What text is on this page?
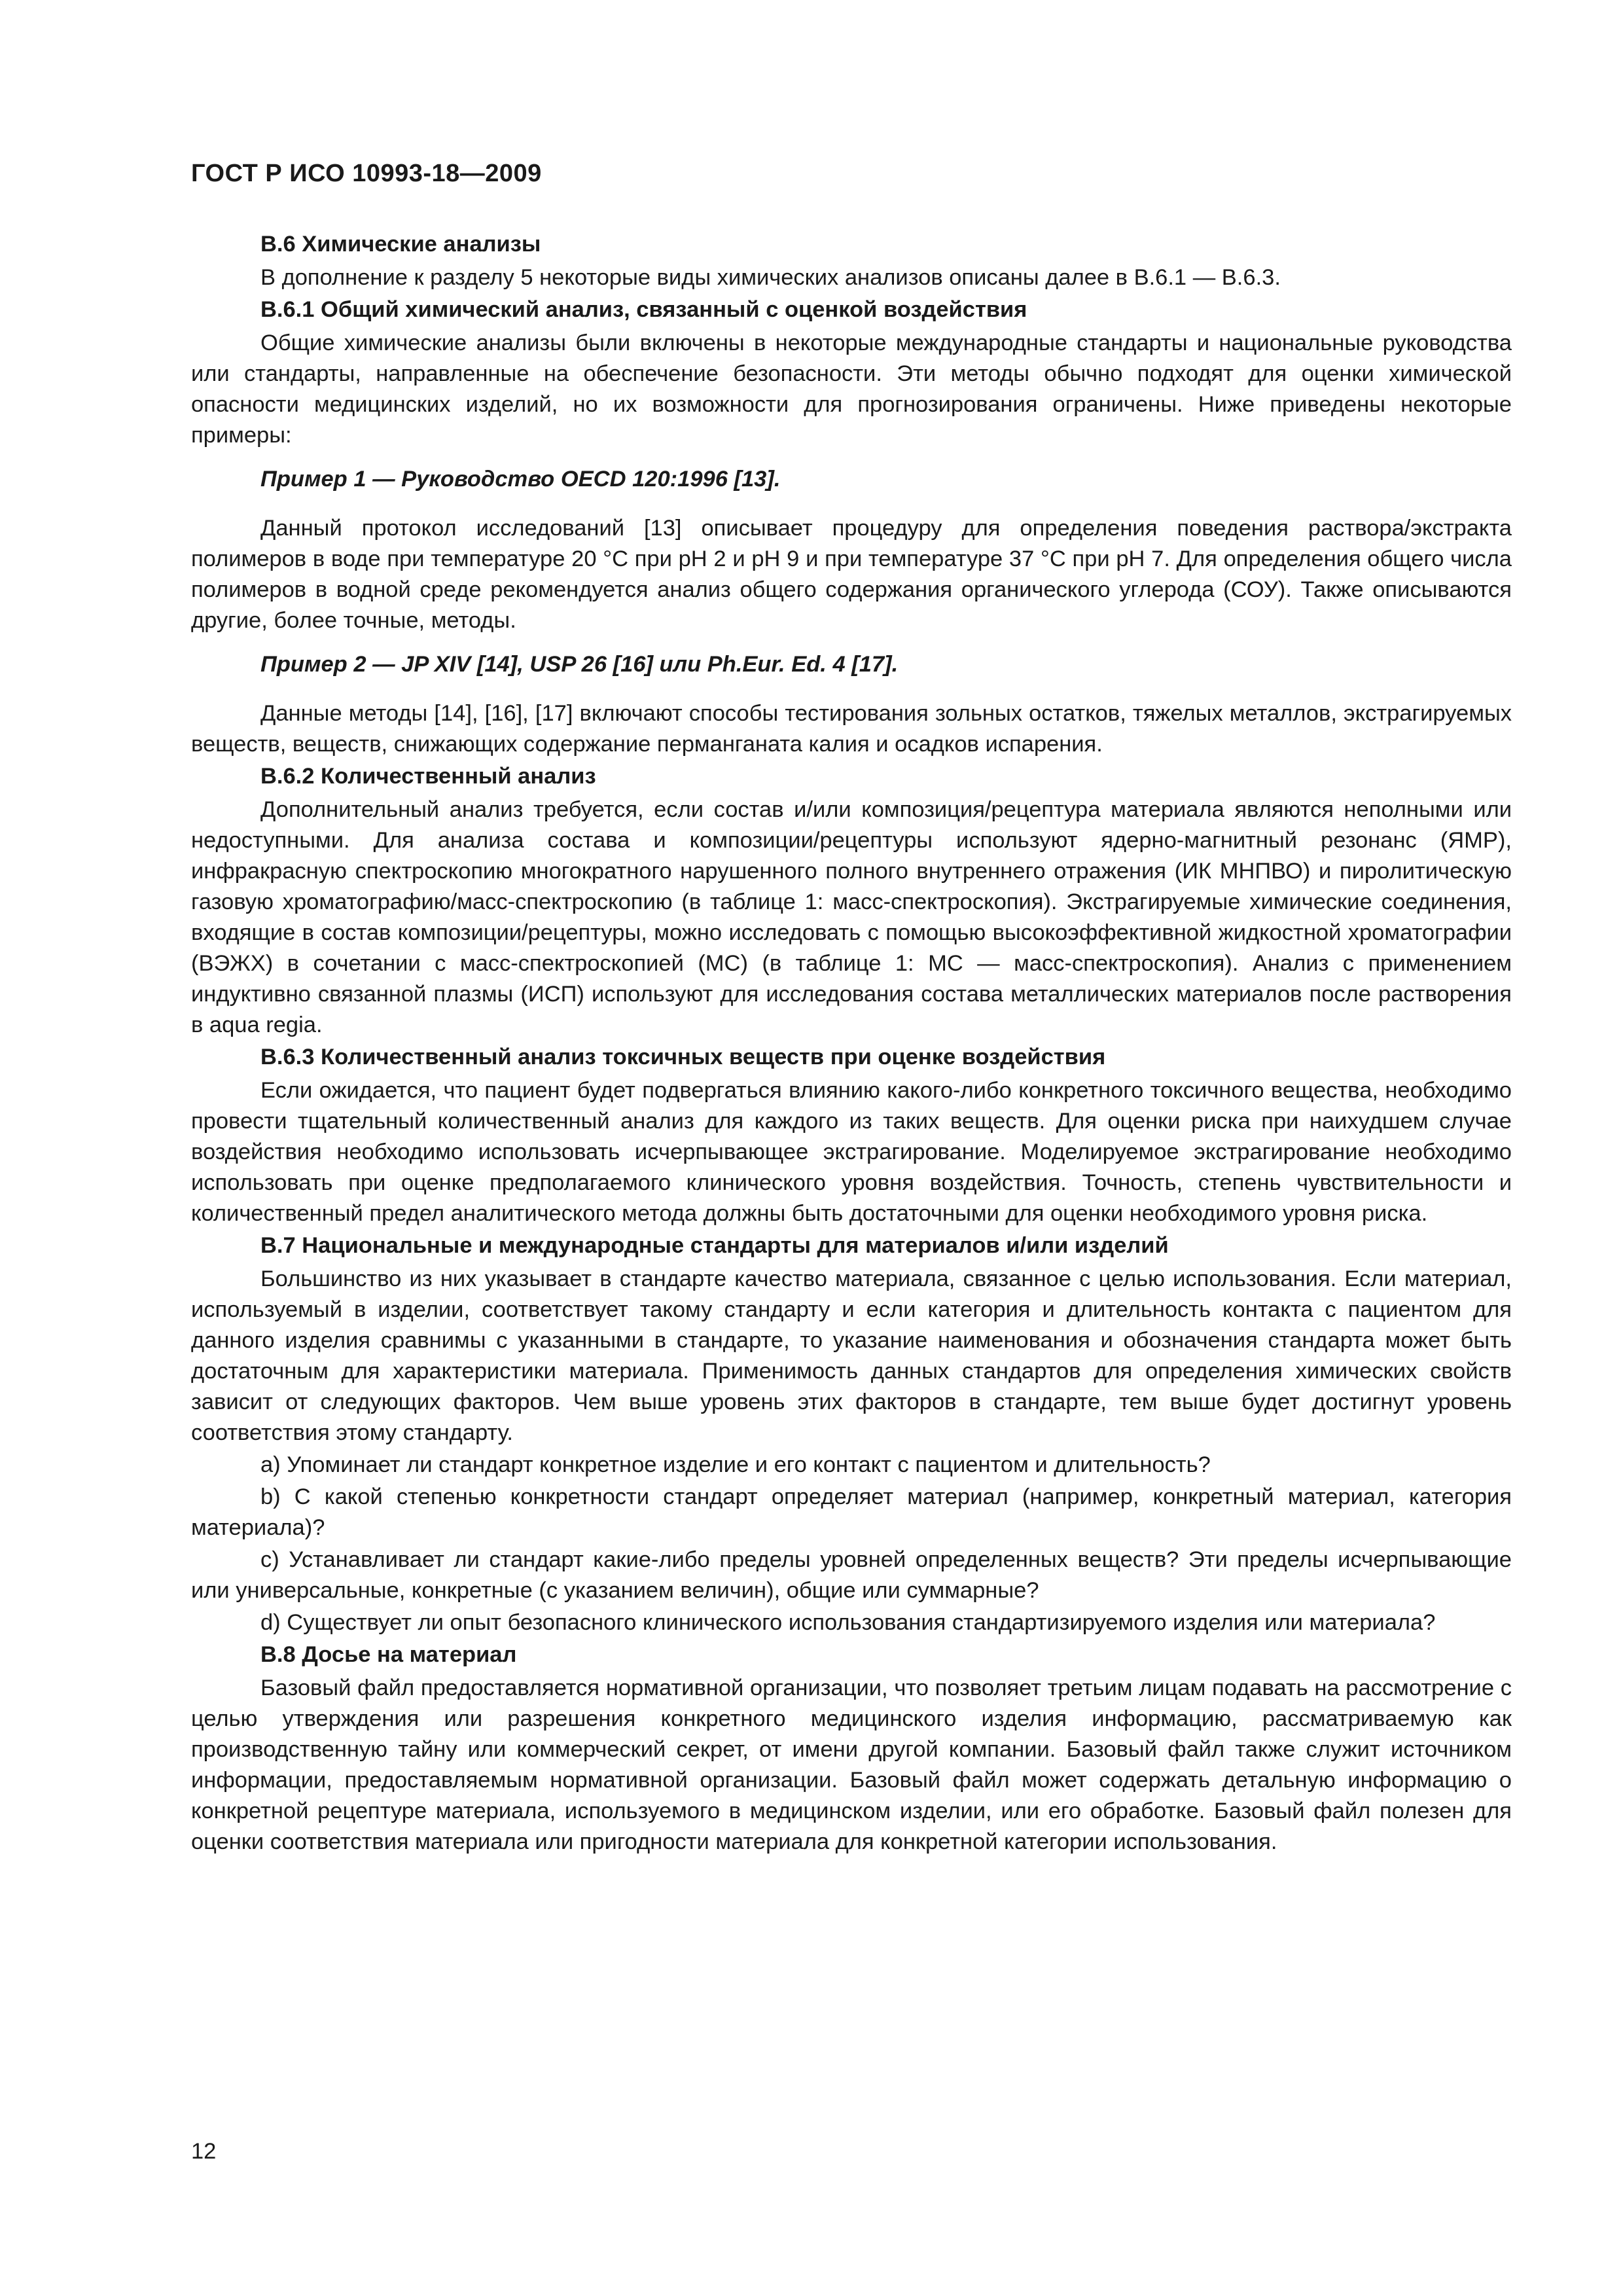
ГОСТ Р ИСО 10993-18—2009

В.6 Химические анализы

В дополнение к разделу 5 некоторые виды химических анализов описаны далее в В.6.1 — В.6.3.

В.6.1 Общий химический анализ, связанный с оценкой воздействия

Общие химические анализы были включены в некоторые международные стандарты и национальные руководства или стандарты, направленные на обеспечение безопасности. Эти методы обычно подходят для оценки химической опасности медицинских изделий, но их возможности для прогнозирования ограничены. Ниже приведены некоторые примеры:

Пример 1 — Руководство OECD 120:1996 [13].

Данный протокол исследований [13] описывает процедуру для определения поведения раствора/экстракта полимеров в воде при температуре 20 °С при рН 2 и рН 9 и при температуре 37 °С при рН 7. Для определения общего числа полимеров в водной среде рекомендуется анализ общего содержания органического углерода (СОУ). Также описываются другие, более точные, методы.

Пример 2 — JP XIV [14], USP 26 [16] или Ph.Eur. Ed. 4 [17].

Данные методы [14], [16], [17] включают способы тестирования зольных остатков, тяжелых металлов, экстрагируемых веществ, веществ, снижающих содержание перманганата калия и осадков испарения.

В.6.2 Количественный анализ

Дополнительный анализ требуется, если состав и/или композиция/рецептура материала являются неполными или недоступными. Для анализа состава и композиции/рецептуры используют ядерно-магнитный резонанс (ЯМР), инфракрасную спектроскопию многократного нарушенного полного внутреннего отражения (ИК МНПВО) и пиролитическую газовую хроматографию/масс-спектроскопию (в таблице 1: масс-спектроскопия). Экстрагируемые химические соединения, входящие в состав композиции/рецептуры, можно исследовать с помощью высокоэффективной жидкостной хроматографии (ВЭЖХ) в сочетании с масс-спектроскопией (МС) (в таблице 1: МС — масс-спектроскопия). Анализ с применением индуктивно связанной плазмы (ИСП) используют для исследования состава металлических материалов после растворения в aqua regia.

В.6.3 Количественный анализ токсичных веществ при оценке воздействия

Если ожидается, что пациент будет подвергаться влиянию какого-либо конкретного токсичного вещества, необходимо провести тщательный количественный анализ для каждого из таких веществ. Для оценки риска при наихудшем случае воздействия необходимо использовать исчерпывающее экстрагирование. Моделируемое экстрагирование необходимо использовать при оценке предполагаемого клинического уровня воздействия. Точность, степень чувствительности и количественный предел аналитического метода должны быть достаточными для оценки необходимого уровня риска.

В.7 Национальные и международные стандарты для материалов и/или изделий

Большинство из них указывает в стандарте качество материала, связанное с целью использования. Если материал, используемый в изделии, соответствует такому стандарту и если категория и длительность контакта с пациентом для данного изделия сравнимы с указанными в стандарте, то указание наименования и обозначения стандарта может быть достаточным для характеристики материала. Применимость данных стандартов для определения химических свойств зависит от следующих факторов. Чем выше уровень этих факторов в стандарте, тем выше будет достигнут уровень соответствия этому стандарту.

a) Упоминает ли стандарт конкретное изделие и его контакт с пациентом и длительность?

b) С какой степенью конкретности стандарт определяет материал (например, конкретный материал, категория материала)?

c) Устанавливает ли стандарт какие-либо пределы уровней определенных веществ? Эти пределы исчерпывающие или универсальные, конкретные (с указанием величин), общие или суммарные?

d) Существует ли опыт безопасного клинического использования стандартизируемого изделия или материала?

В.8 Досье на материал

Базовый файл предоставляется нормативной организации, что позволяет третьим лицам подавать на рассмотрение с целью утверждения или разрешения конкретного медицинского изделия информацию, рассматриваемую как производственную тайну или коммерческий секрет, от имени другой компании. Базовый файл также служит источником информации, предоставляемым нормативной организации. Базовый файл может содержать детальную информацию о конкретной рецептуре материала, используемого в медицинском изделии, или его обработке. Базовый файл полезен для оценки соответствия материала или пригодности материала для конкретной категории использования.

12
